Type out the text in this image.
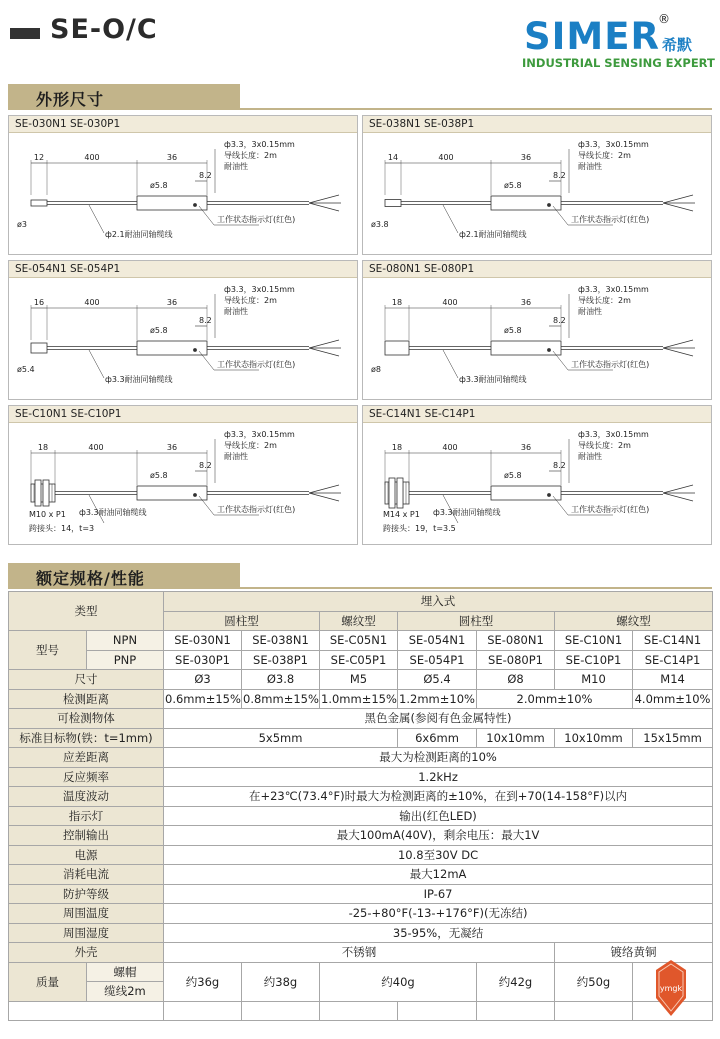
SE-O/C	SIMER
®
希默
INDUSTRIAL SENSING EXPERT
外形尺寸
SE-030N1 SE-030P1
12	400	36
ø5.8
8.2
ф3.3，3x0.15mm
导线长度：2m
耐油性
工作状态指示灯(红色)
ф2.1耐油同轴缆线
ø3
SE-038N1 SE-038P1
14	400	36
ø5.8
8.2
ф3.3，3x0.15mm
导线长度：2m
耐油性
工作状态指示灯(红色)
ф2.1耐油同轴缆线
ø3.8
SE-054N1 SE-054P1
16	400	36
ø5.8
8.2
ф3.3，3x0.15mm
导线长度：2m
耐油性
工作状态指示灯(红色)
ф3.3耐油同轴缆线
ø5.4
SE-080N1 SE-080P1
18	400	36
ø5.8
8.2
ф3.3，3x0.15mm
导线长度：2m
耐油性
工作状态指示灯(红色)
ф3.3耐油同轴缆线
ø8
SE-C10N1 SE-C10P1
18	400	36
ø5.8
8.2
ф3.3，3x0.15mm
导线长度：2m
耐油性
工作状态指示灯(红色)
ф3.3耐油同轴缆线
M10 x P1
跨接头：14，t=3
SE-C14N1 SE-C14P1
18	400	36
ø5.8
8.2
ф3.3，3x0.15mm
导线长度：2m
耐油性
工作状态指示灯(红色)
ф3.3耐油同轴缆线
M14 x P1
跨接头：19，t=3.5
额定规格/性能
类型		埋入式						
		圆柱型		螺纹型	圆柱型		螺纹型	
型号	NPN	SE-030N1	SE-038N1	SE-C05N1	SE-054N1	SE-080N1	SE-C10N1	SE-C14N1
	PNP	SE-030P1	SE-038P1	SE-C05P1	SE-054P1	SE-080P1	SE-C10P1	SE-C14P1
尺寸		Ø3	Ø3.8	M5	Ø5.4	Ø8	M10	M14
检测距离		0.6mm±15%	0.8mm±15%	1.0mm±15%	1.2mm±10%	2.0mm±10%		4.0mm±10%
可检测物体		黑色金属(参阅有色金属特性)						
标准目标物(铁：t=1mm)		5x5mm			6x6mm	10x10mm	10x10mm	15x15mm
应差距离		最大为检测距离的10%						
反应频率		1.2kHz						
温度波动		在+23℃(73.4°F)时最大为检测距离的±10%，在到+70(14-158°F)以内						
指示灯		输出(红色LED)						
控制输出		最大100mA(40V)，剩余电压：最大1V						
电源		10.8至30V DC						
消耗电流		最大12mA						
防护等级		IP-67						
周围温度		-25-+80°F(-13-+176°F)(无冻结)						
周围湿度		35-95%，无凝结						
外壳		不锈钢					镀络黄铜	
质量	螺帽	约36g	约38g	约40g		约42g	约50g	
	缆线2m							
								ymgk
